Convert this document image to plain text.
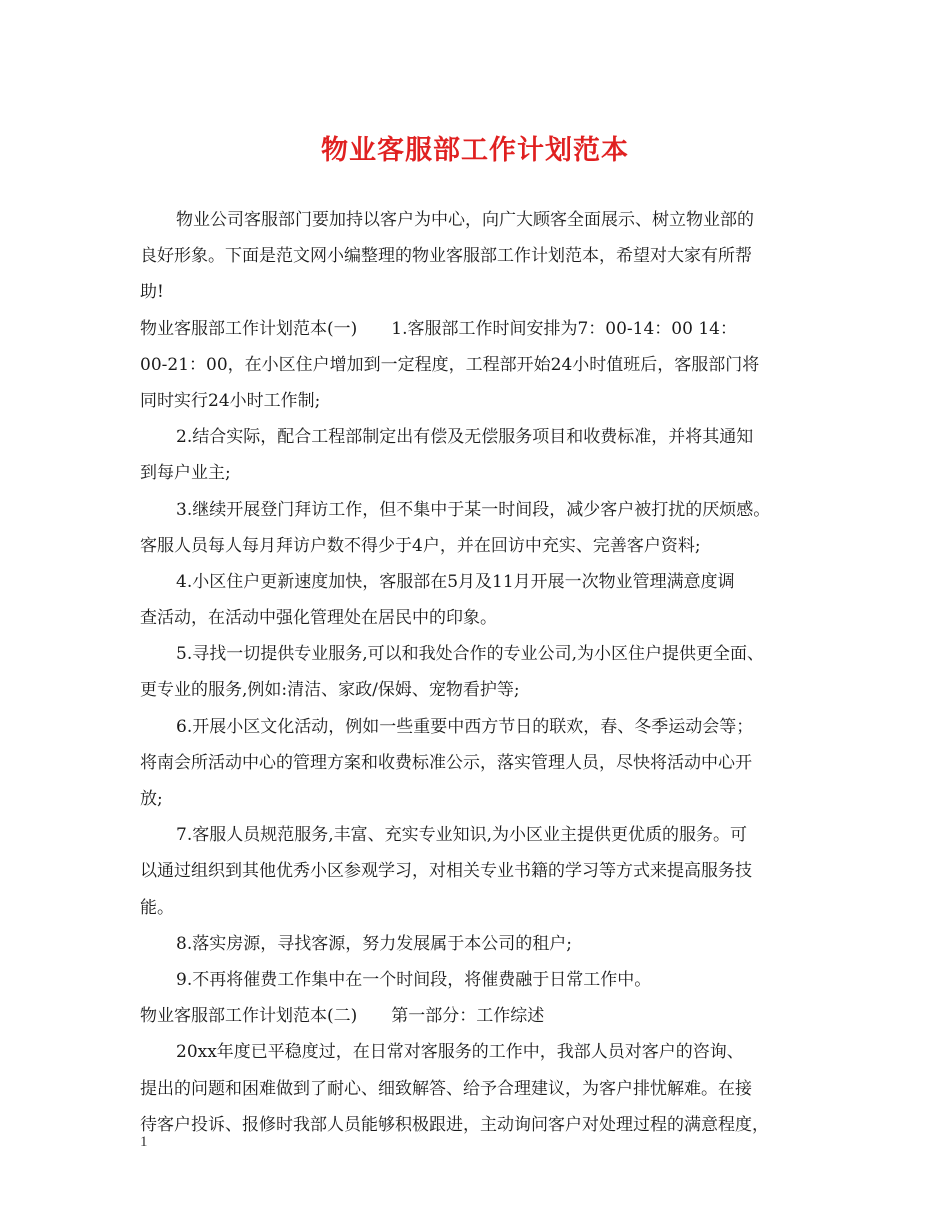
物业客服部工作计划范本
物业公司客服部门要加持以客户为中心，向广大顾客全面展示、树立物业部的
良好形象。下面是范文网小编整理的物业客服部工作计划范本，希望对大家有所帮
助!
物业客服部工作计划范本(一)　　1.客服部工作时间安排为7：00-14：00 14：
00-21：00，在小区住户增加到一定程度，工程部开始24小时值班后，客服部门将
同时实行24小时工作制;
2.结合实际，配合工程部制定出有偿及无偿服务项目和收费标准，并将其通知
到每户业主;
3.继续开展登门拜访工作，但不集中于某一时间段，减少客户被打扰的厌烦感。
客服人员每人每月拜访户数不得少于4户，并在回访中充实、完善客户资料;
4.小区住户更新速度加快，客服部在5月及11月开展一次物业管理满意度调
查活动，在活动中强化管理处在居民中的印象。
5.寻找一切提供专业服务,可以和我处合作的专业公司,为小区住户提供更全面、
更专业的服务,例如:清洁、家政/保姆、宠物看护等;
6.开展小区文化活动，例如一些重要中西方节日的联欢，春、冬季运动会等；
将南会所活动中心的管理方案和收费标准公示，落实管理人员，尽快将活动中心开
放;
7.客服人员规范服务,丰富、充实专业知识,为小区业主提供更优质的服务。可
以通过组织到其他优秀小区参观学习，对相关专业书籍的学习等方式来提高服务技
能。
8.落实房源，寻找客源，努力发展属于本公司的租户;
9.不再将催费工作集中在一个时间段，将催费融于日常工作中。
物业客服部工作计划范本(二)　　第一部分：工作综述
20xx年度已平稳度过，在日常对客服务的工作中，我部人员对客户的咨询、
提出的问题和困难做到了耐心、细致解答、给予合理建议，为客户排忧解难。在接
待客户投诉、报修时我部人员能够积极跟进，主动询问客户对处理过程的满意程度，
1
